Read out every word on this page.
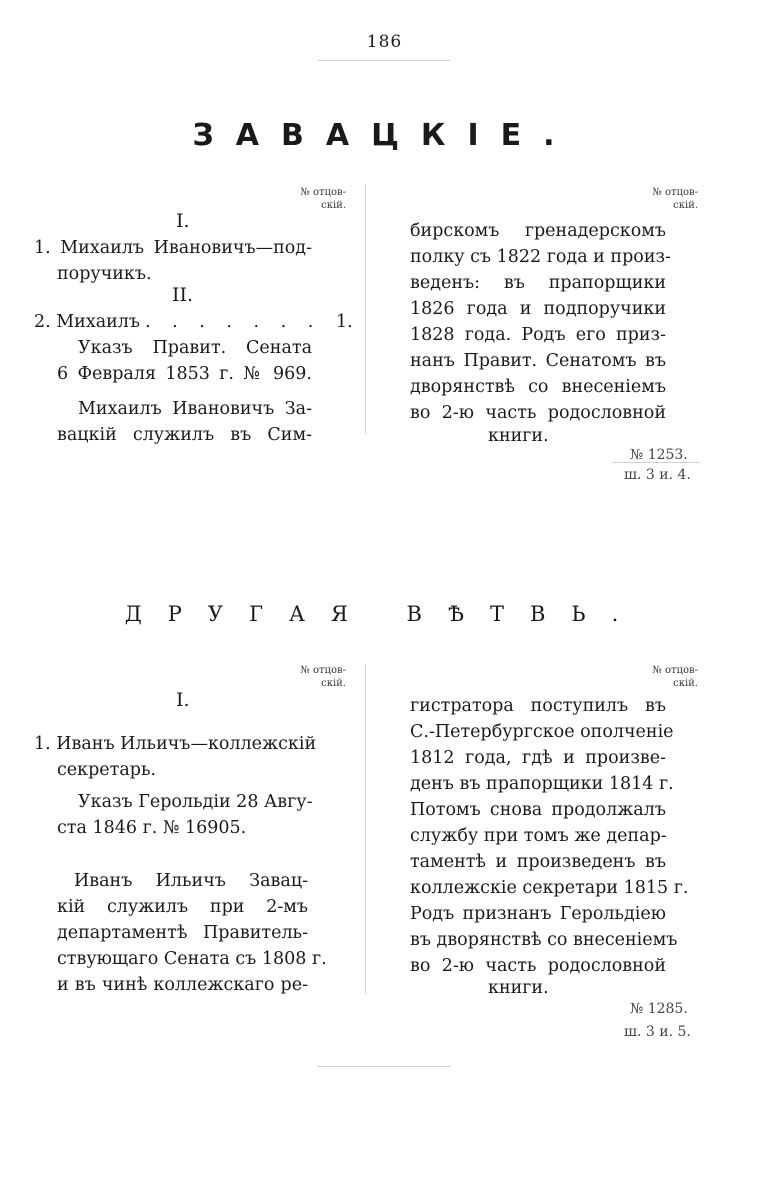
186
ЗАВАЦКІЕ.
№ отцов-
скій.
№ отцов-
скій.
I.
1. Михаилъ Ивановичъ—под-
поручикъ.
II.
2. Михаилъ . . . . . . . 1.
Указъ Правит. Сената
6 Февраля 1853 г. № 969.
Михаилъ Ивановичъ За-
вацкій служилъ въ Сим-
бирскомъ гренадерскомъ
полку съ 1822 года и произ-
веденъ: въ прапорщики
1826 года и подпоручики
1828 года. Родъ его приз-
нанъ Правит. Сенатомъ въ
дворянствѣ со внесеніемъ
во 2-ю часть родословной
книги.
№ 1253.
ш. 3 и. 4.
ДРУГАЯ ВѢТВЬ.
№ отцов-
скій.
№ отцов-
скій.
I.
1. Иванъ Ильичъ—коллежскій
секретарь.
Указъ Герольдіи 28 Авгу-
ста 1846 г. № 16905.
Иванъ Ильичъ Завац-
кій служилъ при 2-мъ
департаментѣ Правитель-
ствующаго Сената съ 1808 г.
и въ чинѣ коллежскаго ре-
гистратора поступилъ въ
С.-Петербургское ополченіе
1812 года, гдѣ и произве-
денъ въ прапорщики 1814 г.
Потомъ снова продолжалъ
службу при томъ же депар-
таментѣ и произведенъ въ
коллежскіе секретари 1815 г.
Родъ признанъ Герольдіею
въ дворянствѣ со внесеніемъ
во 2-ю часть родословной
книги.
№ 1285.
ш. 3 и. 5.
